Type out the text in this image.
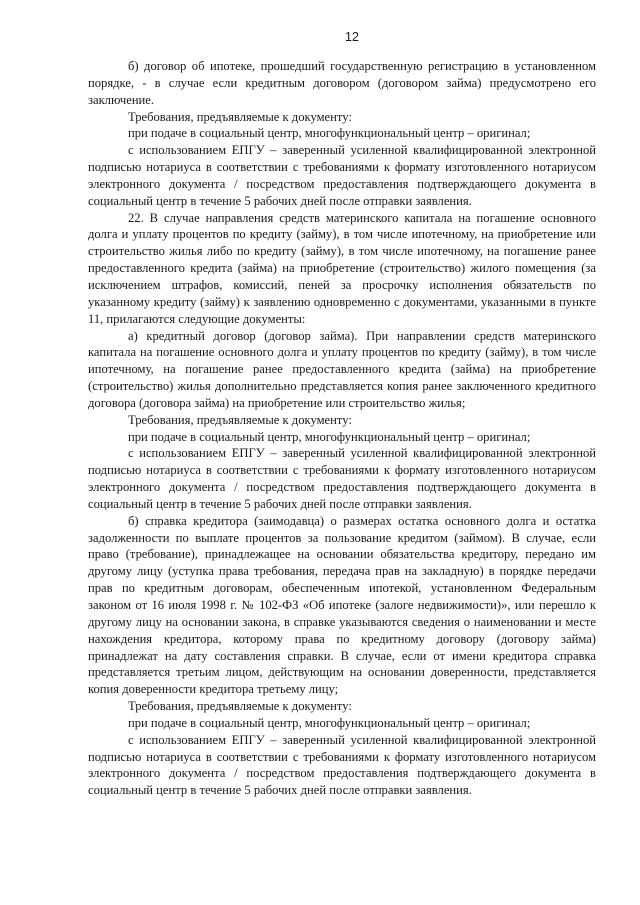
12

б) договор об ипотеке, прошедший государственную регистрацию в установленном порядке, - в случае если кредитным договором (договором займа) предусмотрено его заключение.

Требования, предъявляемые к документу:

при подаче в социальный центр, многофункциональный центр – оригинал;

с использованием ЕПГУ – заверенный усиленной квалифицированной электронной подписью нотариуса в соответствии с требованиями к формату изготовленного нотариусом электронного документа / посредством предоставления подтверждающего документа в социальный центр в течение 5 рабочих дней после отправки заявления.

22. В случае направления средств материнского капитала на погашение основного долга и уплату процентов по кредиту (займу), в том числе ипотечному, на приобретение или строительство жилья либо по кредиту (займу), в том числе ипотечному, на погашение ранее предоставленного кредита (займа) на приобретение (строительство) жилого помещения (за исключением штрафов, комиссий, пеней за просрочку исполнения обязательств по указанному кредиту (займу) к заявлению одновременно с документами, указанными в пункте 11, прилагаются следующие документы:

а) кредитный договор (договор займа). При направлении средств материнского капитала на погашение основного долга и уплату процентов по кредиту (займу), в том числе ипотечному, на погашение ранее предоставленного кредита (займа) на приобретение (строительство) жилья дополнительно представляется копия ранее заключенного кредитного договора (договора займа) на приобретение или строительство жилья;

Требования, предъявляемые к документу:

при подаче в социальный центр, многофункциональный центр – оригинал;

с использованием ЕПГУ – заверенный усиленной квалифицированной электронной подписью нотариуса в соответствии с требованиями к формату изготовленного нотариусом электронного документа / посредством предоставления подтверждающего документа в социальный центр в течение 5 рабочих дней после отправки заявления.

б) справка кредитора (заимодавца) о размерах остатка основного долга и остатка задолженности по выплате процентов за пользование кредитом (займом). В случае, если право (требование), принадлежащее на основании обязательства кредитору, передано им другому лицу (уступка права требования, передача прав на закладную) в порядке передачи прав по кредитным договорам, обеспеченным ипотекой, установленном Федеральным законом от 16 июля 1998 г. № 102-ФЗ «Об ипотеке (залоге недвижимости)», или перешло к другому лицу на основании закона, в справке указываются сведения о наименовании и месте нахождения кредитора, которому права по кредитному договору (договору займа) принадлежат на дату составления справки. В случае, если от имени кредитора справка представляется третьим лицом, действующим на основании доверенности, представляется копия доверенности кредитора третьему лицу;

Требования, предъявляемые к документу:

при подаче в социальный центр, многофункциональный центр – оригинал;

с использованием ЕПГУ – заверенный усиленной квалифицированной электронной подписью нотариуса в соответствии с требованиями к формату изготовленного нотариусом электронного документа / посредством предоставления подтверждающего документа в социальный центр в течение 5 рабочих дней после отправки заявления.
